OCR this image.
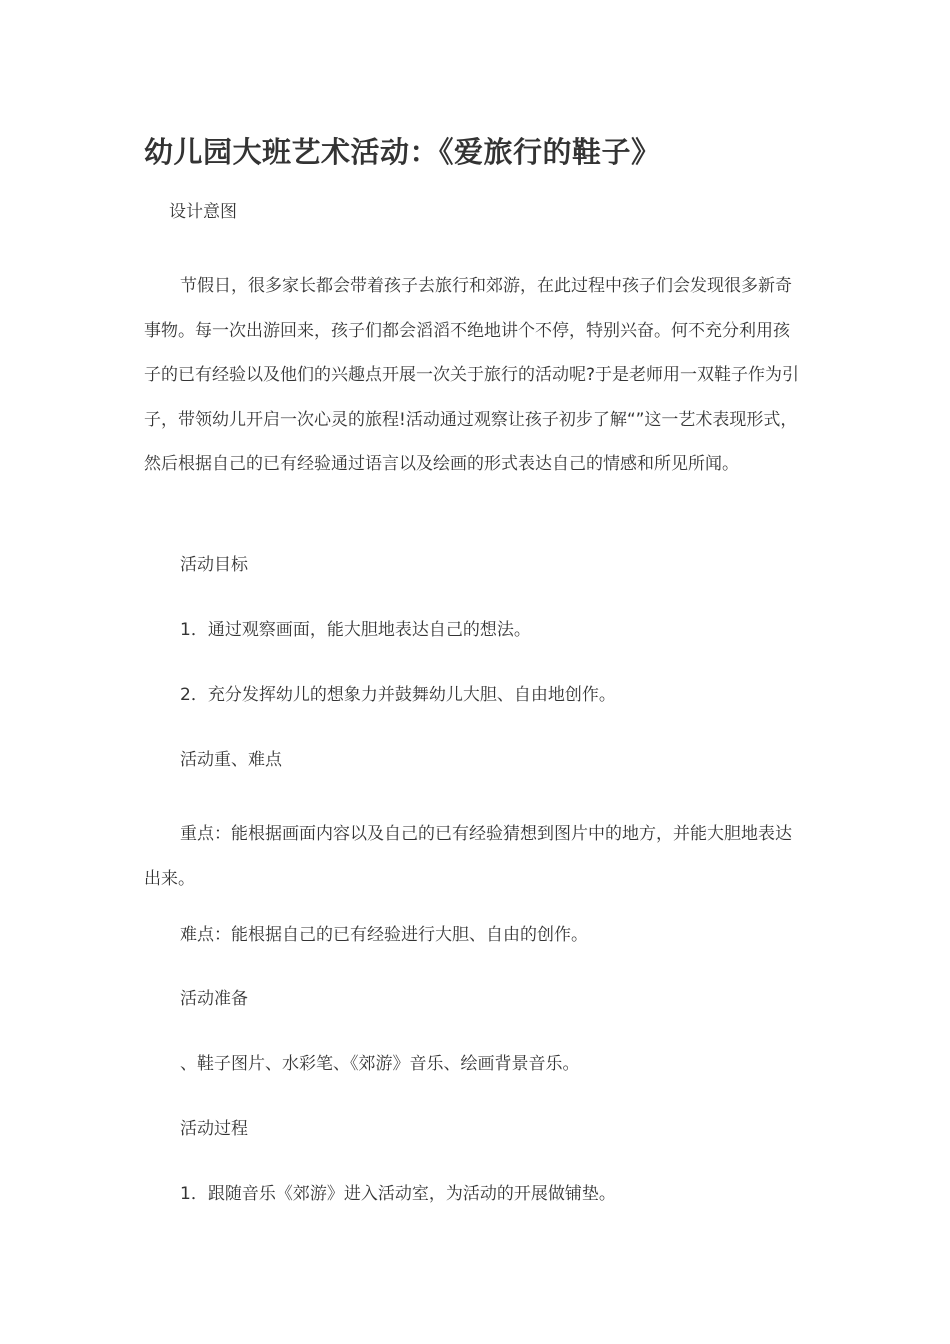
幼儿园大班艺术活动：《爱旅行的鞋子》

设计意图

节假日，很多家长都会带着孩子去旅行和郊游，在此过程中孩子们会发现很多新奇事物。每一次出游回来，孩子们都会滔滔不绝地讲个不停，特别兴奋。何不充分利用孩子的已有经验以及他们的兴趣点开展一次关于旅行的活动呢?于是老师用一双鞋子作为引子，带领幼儿开启一次心灵的旅程!活动通过观察让孩子初步了解“”这一艺术表现形式，然后根据自己的已有经验通过语言以及绘画的形式表达自己的情感和所见所闻。

活动目标

1．通过观察画面，能大胆地表达自己的想法。

2．充分发挥幼儿的想象力并鼓舞幼儿大胆、自由地创作。

活动重、难点

重点：能根据画面内容以及自己的已有经验猜想到图片中的地方，并能大胆地表达出来。

难点：能根据自己的已有经验进行大胆、自由的创作。

活动准备

、鞋子图片、水彩笔、《郊游》音乐、绘画背景音乐。

活动过程

1．跟随音乐《郊游》进入活动室，为活动的开展做铺垫。
